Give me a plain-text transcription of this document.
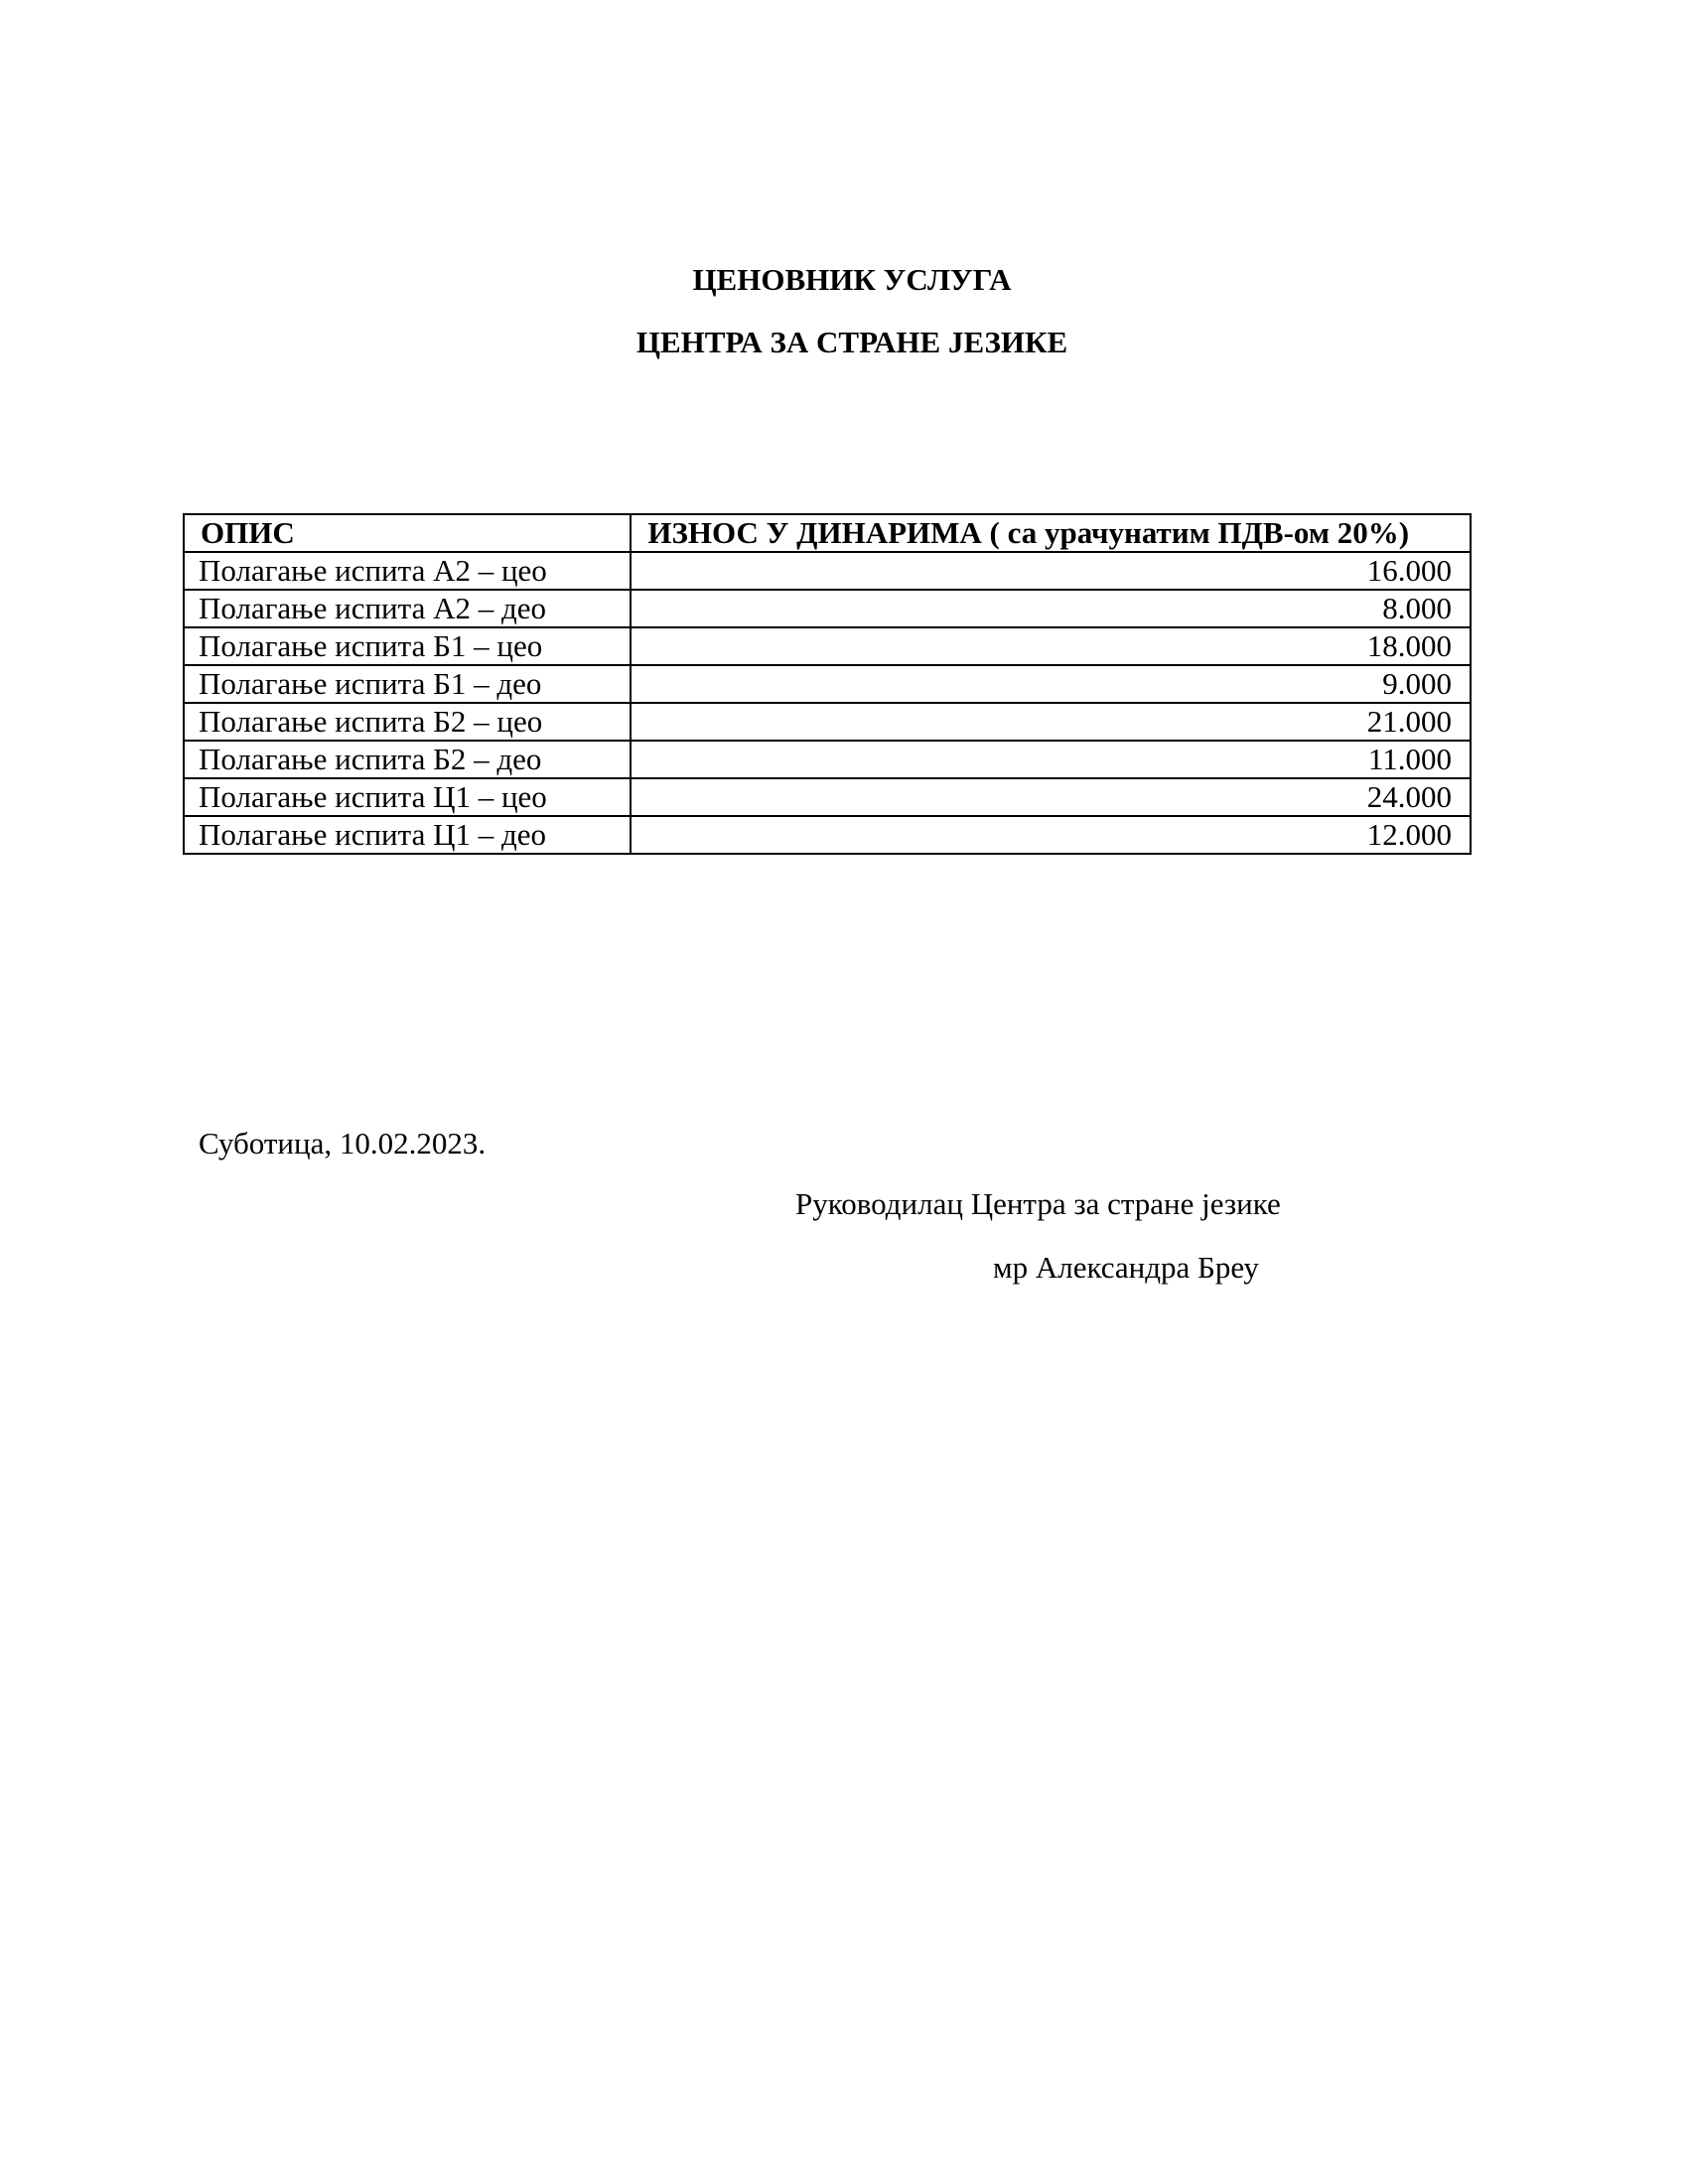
ЦЕНОВНИК УСЛУГА
ЦЕНТРА ЗА СТРАНЕ ЈЕЗИКЕ
ОПИС	ИЗНОС У ДИНАРИМА ( са урачунатим ПДВ-ом 20%)
Полагање испита А2 – цео	16.000
Полагање испита А2 – део	8.000
Полагање испита Б1 – цео	18.000
Полагање испита Б1 – део	9.000
Полагање испита Б2 – цео	21.000
Полагање испита Б2 – део	11.000
Полагање испита Ц1 – цео	24.000
Полагање испита Ц1 – део	12.000
Суботица, 10.02.2023.
Руководилац Центра за стране језике
мр Александра Бреу
